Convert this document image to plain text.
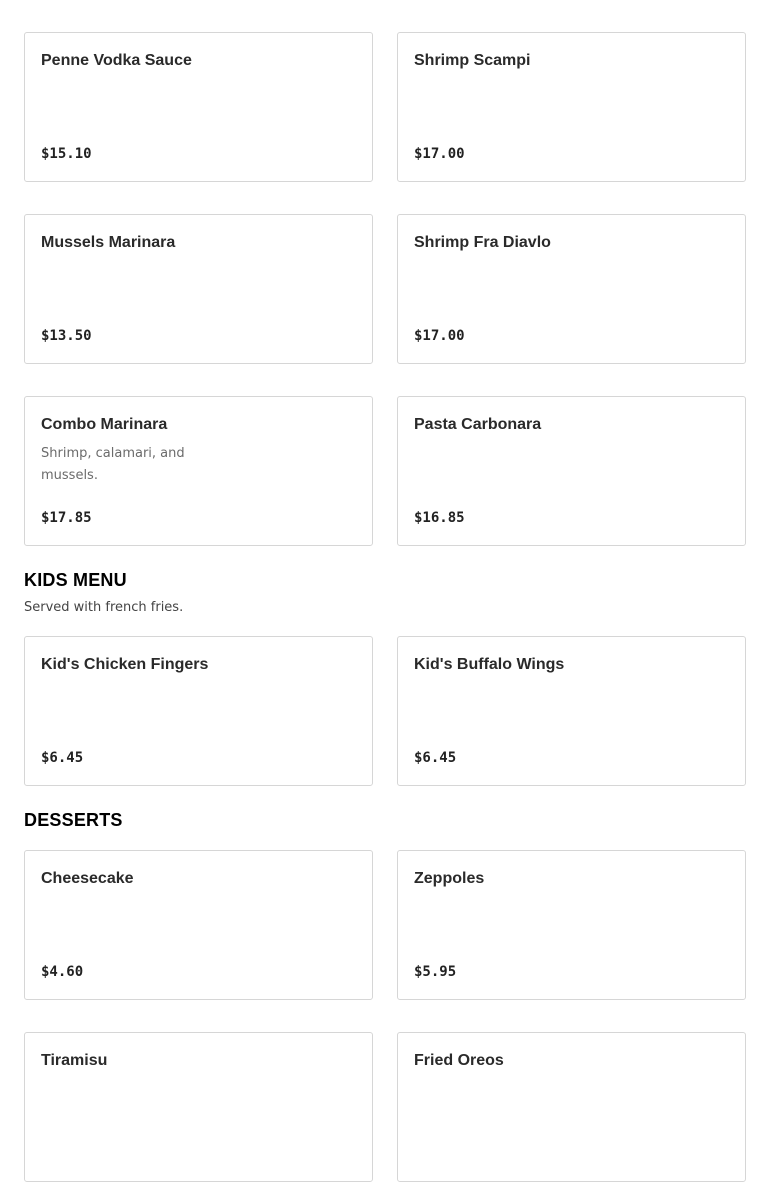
Penne Vodka Sauce
$15.10
Shrimp Scampi
$17.00
Mussels Marinara
$13.50
Shrimp Fra Diavlo
$17.00
Combo Marinara
Shrimp, calamari, and mussels.
$17.85
Pasta Carbonara
$16.85
KIDS MENU
Served with french fries.
Kid's Chicken Fingers
$6.45
Kid's Buffalo Wings
$6.45
DESSERTS
Cheesecake
$4.60
Zeppoles
$5.95
Tiramisu	Fried Oreos
